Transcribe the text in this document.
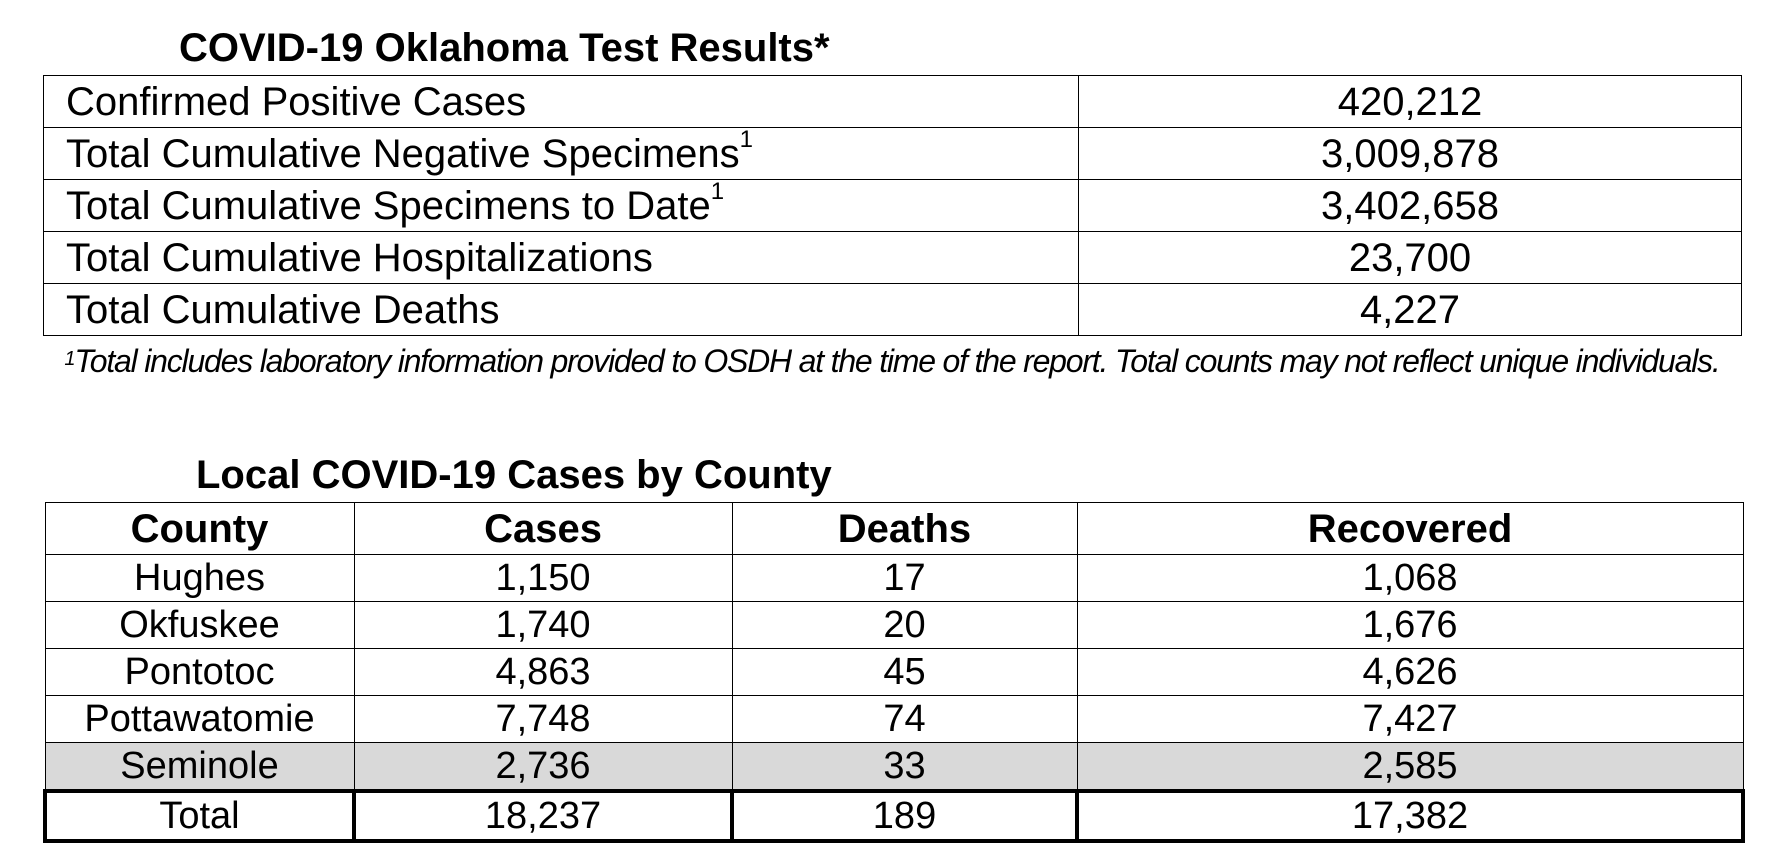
COVID-19 Oklahoma Test Results*
Confirmed Positive Cases	420,212
Total Cumulative Negative Specimens$^1$	3,009,878
Total Cumulative Specimens to Date$^1$	3,402,658
Total Cumulative Hospitalizations	23,700
Total Cumulative Deaths	4,227
$^1$Total includes laboratory information provided to OSDH at the time of the report. Total counts may not reflect unique individuals.
Local COVID-19 Cases by County
County	Cases	Deaths	Recovered
Hughes	1,150	17	1,068
Okfuskee	1,740	20	1,676
Pontotoc	4,863	45	4,626
Pottawatomie	7,748	74	7,427
Seminole	2,736	33	2,585
Total	18,237	189	17,382
